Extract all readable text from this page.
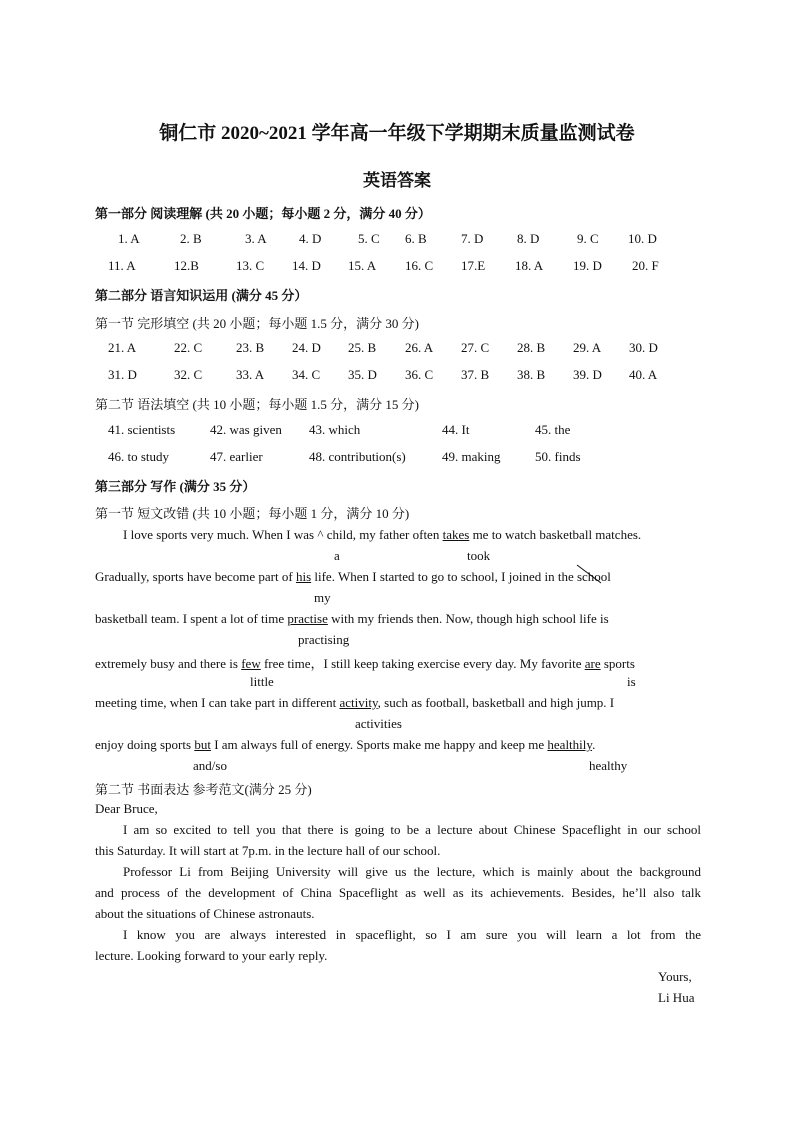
铜仁市 2020~2021 学年高一年级下学期期末质量监测试卷
英语答案
第一部分 阅读理解 (共 20 小题；每小题 2 分，满分 40 分）
1. A	2. B	3. A 4. D	5. C 6. B	7. D	8. D	9. C 10. D
11. A	12.B	13. C 14. D 15. A 16. C 17.E 18. A 19. D 20. F
第二部分 语言知识运用 (满分 45 分）
第一节 完形填空 (共 20 小题；每小题 1.5 分，满分 30 分)
21. A	22. C	23. B 24. D 25. B 26. A 27. C 28. B 29. A 30. D
31. D	32. C	33. A 34. C 35. D 36. C 37. B 38. B 39. D 40. A
第二节 语法填空 (共 10 小题；每小题 1.5 分，满分 15 分)
41. scientists	42. was given 43. which	44. It	45. the
46. to study	47. earlier	48. contribution(s)	49. making	50. finds
第三部分 写作 (满分 35 分）
第一节 短文改错 (共 10 小题；每小题 1 分，满分 10 分)
I love sports very much. When I was ^ child, my father often takes me to watch basketball matches.
a	took
Gradually, sports have become part of his life. When I started to go to school, I joined in the school
my
basketball team. I spent a lot of time practise with my friends then. Now, though high school life is
practising
extremely busy and there is few free time，I still keep taking exercise every day. My favorite are sports
little	is
meeting time, when I can take part in different activity, such as football, basketball and high jump. I
activities
enjoy doing sports but I am always full of energy. Sports make me happy and keep me healthily.
and/so	healthy
第二节 书面表达 参考范文(满分 25 分)
Dear Bruce,
I am so excited to tell you that there is going to be a lecture about Chinese Spaceflight in our school
this Saturday. It will start at 7p.m. in the lecture hall of our school.
Professor Li from Beijing University will give us the lecture, which is mainly about the background
and process of the development of China Spaceflight as well as its achievements. Besides, he’ll also talk
about the situations of Chinese astronauts.
I know you are always interested in spaceflight, so I am sure you will learn a lot from the
lecture. Looking forward to your early reply.
Yours,
Li Hua
